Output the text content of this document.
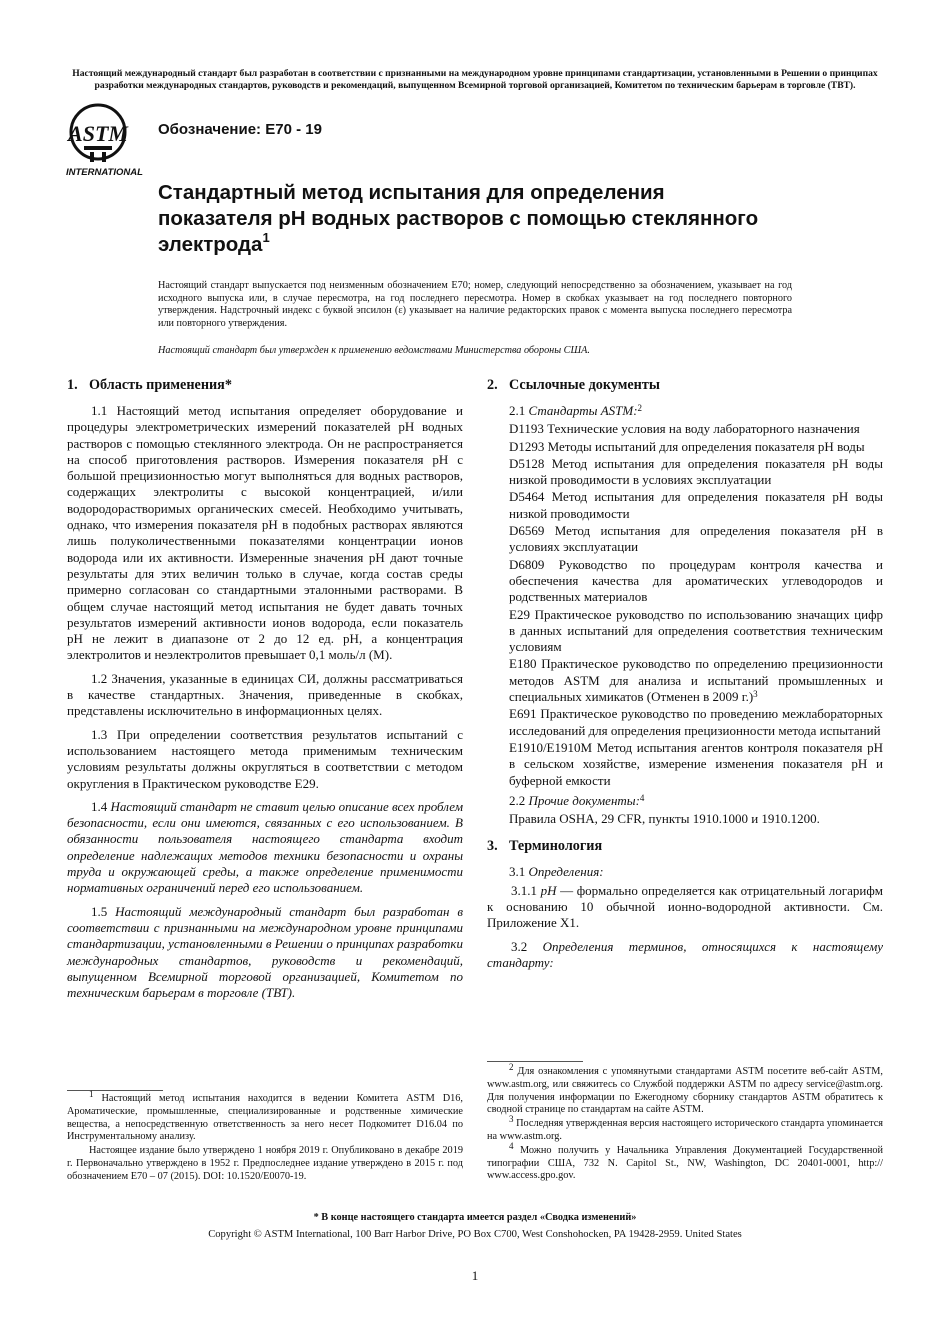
Настоящий международный стандарт был разработан в соответствии с признанными на международном уровне принципами стандартизации, установленными в Решении о принципах разработки международных стандартов, руководств и рекомендаций, выпущенном Всемирной торговой организацией, Комитетом по техническим барьерам в торговле (ТВТ).

ASTM
INTERNATIONAL

Обозначение: E70 - 19

Стандартный метод испытания для определения показателя pH водных растворов с помощью стеклянного электрода$^1$

Настоящий стандарт выпускается под неизменным обозначением E70; номер, следующий непосредственно за обозначением, указывает на год исходного выпуска или, в случае пересмотра, на год последнего пересмотра. Номер в скобках указывает на год последнего повторного утверждения. Надстрочный индекс с буквой эпсилон (ε) указывает на наличие редакторских правок с момента выпуска последнего пересмотра или повторного утверждения.

Настоящий стандарт был утвержден к применению ведомствами Министерства обороны США.

1. Область применения*

1.1 Настоящий метод испытания определяет оборудование и процедуры электрометрических измерений показателей pH водных растворов с помощью стеклянного электрода. Он не распространяется на способ приготовления растворов. Измерения показателя pH с большой прецизионностью могут выполняться для водных растворов, содержащих электролиты с высокой концентрацией, и/или водородорастворимых органических смесей. Необходимо учитывать, однако, что измерения показателя pH в подобных растворах являются лишь полуколичественными показателями концентрации ионов водорода или их активности. Измеренные значения pH дают точные результаты для этих величин только в случае, когда состав среды примерно согласован со стандартными эталонными растворами. В общем случае настоящий метод испытания не будет давать точных результатов измерений активности ионов водорода, если показатель pH не лежит в диапазоне от 2 до 12 ед. pH, а концентрация электролитов и неэлектролитов превышает 0,1 моль/л (M).

1.2 Значения, указанные в единицах СИ, должны рассматриваться в качестве стандартных. Значения, приведенные в скобках, представлены исключительно в информационных целях.

1.3 При определении соответствия результатов испытаний с использованием настоящего метода применимым техническим условиям результаты должны округляться в соответствии с методом округления в Практическом руководстве E29.

1.4 Настоящий стандарт не ставит целью описание всех проблем безопасности, если они имеются, связанных с его использованием. В обязанности пользователя настоящего стандарта входит определение надлежащих методов техники безопасности и охраны труда и окружающей среды, а также определение применимости нормативных ограничений перед его использованием.

1.5 Настоящий международный стандарт был разработан в соответствии с признанными на международном уровне принципами стандартизации, установленными в Решении о принципах разработки международных стандартов, руководств и рекомендаций, выпущенном Всемирной торговой организацией, Комитетом по техническим барьерам в торговле (ТВТ).

$^1$ Настоящий метод испытания находится в ведении Комитета ASTM D16, Ароматические, промышленные, специализированные и родственные химические вещества, а непосредственную ответственность за него несет Подкомитет D16.04 по Инструментальному анализу.

Настоящее издание было утверждено 1 ноября 2019 г. Опубликовано в декабре 2019 г. Первоначально утверждено в 1952 г. Предпоследнее издание утверждено в 2015 г. под обозначением E70 – 07 (2015). DOI: 10.1520/E0070-19.

2. Ссылочные документы

2.1 Стандарты ASTM:$^2$

D1193 Технические условия на воду лабораторного назначения
D1293 Методы испытаний для определения показателя pH воды
D5128 Метод испытания для определения показателя pH воды низкой проводимости в условиях эксплуатации
D5464 Метод испытания для определения показателя pH воды низкой проводимости
D6569 Метод испытания для определения показателя pH в условиях эксплуатации
D6809 Руководство по процедурам контроля качества и обеспечения качества для ароматических углеводородов и родственных материалов
E29 Практическое руководство по использованию значащих цифр в данных испытаний для определения соответствия техническим условиям
E180 Практическое руководство по определению прецизионности методов ASTM для анализа и испытаний промышленных и специальных химикатов (Отменен в 2009 г.)$^3$
E691 Практическое руководство по проведению межлабораторных исследований для определения прецизионности метода испытаний
E1910/E1910M Метод испытания агентов контроля показателя pH в сельском хозяйстве, измерение изменения показателя pH и буферной емкости

2.2 Прочие документы:$^4$

Правила OSHA, 29 CFR, пункты 1910.1000 и 1910.1200.

3. Терминология

3.1 Определения:

3.1.1 pH — формально определяется как отрицательный логарифм к основанию 10 обычной ионно-водородной активности. См. Приложение X1.

3.2 Определения терминов, относящихся к настоящему стандарту:

$^2$ Для ознакомления с упомянутыми стандартами ASTM посетите веб-сайт ASTM, www.astm.org, или свяжитесь со Службой поддержки ASTM по адресу service@astm.org. Для получения информации по Ежегодному сборнику стандартов ASTM обратитесь к сводной странице по стандартам на сайте ASTM.

$^3$ Последняя утвержденная версия настоящего исторического стандарта упоминается на www.astm.org.

$^4$ Можно получить у Начальника Управления Документацией Государственной типографии США, 732 N. Capitol St., NW, Washington, DC 20401-0001, http:// www.access.gpo.gov.

* В конце настоящего стандарта имеется раздел «Сводка изменений»

Copyright © ASTM International, 100 Barr Harbor Drive, PO Box C700, West Conshohocken, PA 19428-2959. United States

1
